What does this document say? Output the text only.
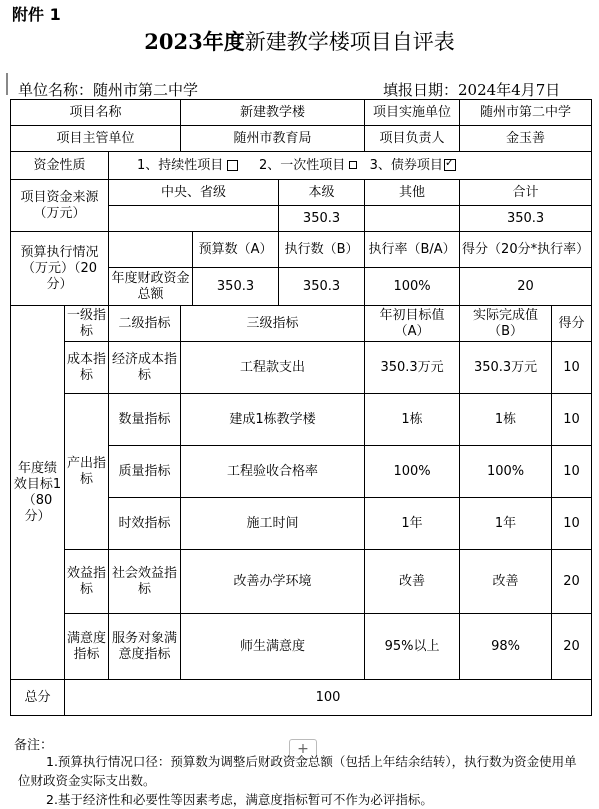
附件 1
2023年度新建教学楼项目自评表
单位名称：随州市第二中学	填报日期：2024年4月7日
项目名称			新建教学楼			项目实施单位	随州市第二中学	
项目主管单位			随州市教育局			项目负责人	金玉善	
资金性质		1、持续性项目 2、一次性项目 3、债券项目✓
项目资金来源（万元）		中央、省级			本级	其他	合计	
					350.3		350.3	
预算执行情况（万元）（20分）				预算数（A）	执行数（B）	执行率（B/A）	得分（20分*执行率）	
		年度财政资金总额		350.3	350.3	100%	20	
年度绩效目标1（80分）	一级指标	二级指标	三级指标			年初目标值（A）	实际完成值（B）	得分
	成本指标	经济成本指标	工程款支出			350.3万元	350.3万元	10
	产出指标	数量指标	建成1栋教学楼			1栋	1栋	10
		质量指标	工程验收合格率			100%	100%	10
		时效指标	施工时间			1年	1年	10
	效益指标	社会效益指标	改善办学环境			改善	改善	20
	满意度指标	服务对象满意度指标	师生满意度			95%以上	98%	20
总分	100							
备注：	+
1.预算执行情况口径：预算数为调整后财政资金总额（包括上年结余结转），执行数为资金使用单位财政资金实际支出数。
2.基于经济性和必要性等因素考虑，满意度指标暂可不作为必评指标。
